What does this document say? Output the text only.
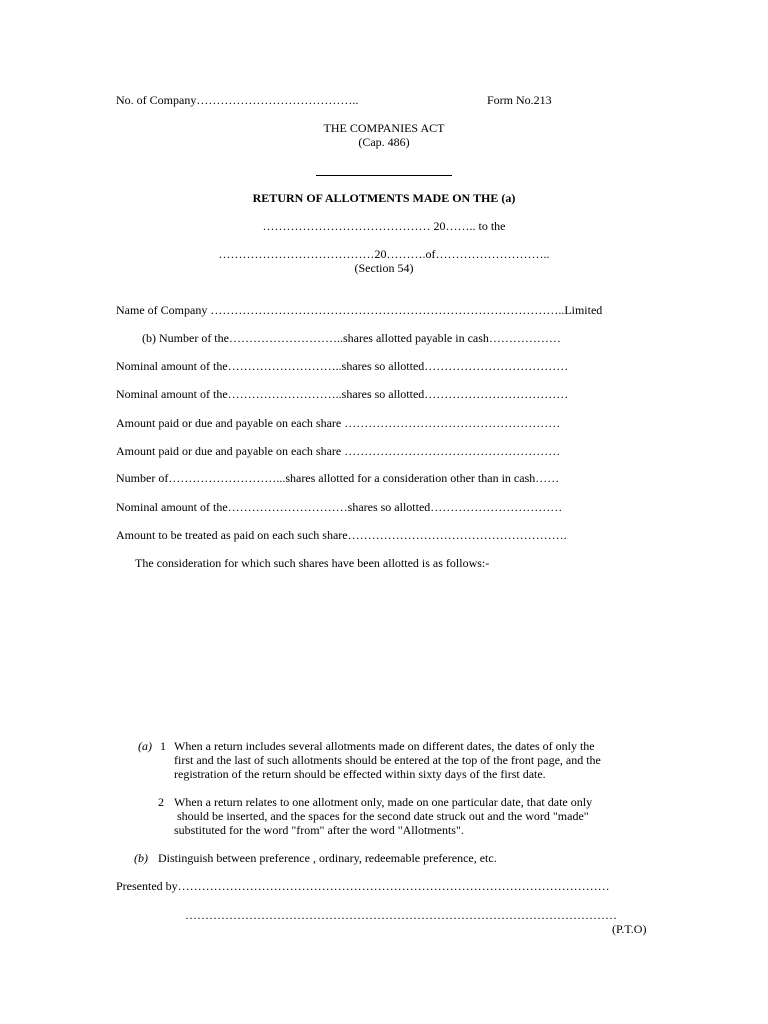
No. of Company…………………………………..	Form No.213
THE COMPANIES ACT
(Cap. 486)
RETURN OF ALLOTMENTS MADE ON THE (a)
…………………………………… 20…….. to the
…………………………………20……….of………………………..
(Section 54)
Name of Company ……………………………………………………………………………..Limited
(b) Number of the………………………..shares allotted payable in cash………………
Nominal amount of the………………………..shares so allotted………………………………
Nominal amount of the………………………..shares so allotted………………………………
Amount paid or due and payable on each share ………………………………………………
Amount paid or due and payable on each share ………………………………………………
Number of………………………...shares allotted for a consideration other than in cash……
Nominal amount of the…………………………shares so allotted……………………………
Amount to be treated as paid on each such share……………………………………………….
The consideration for which such shares have been allotted is as follows:-
(a) 1 When a return includes several allotments made on different dates, the dates of only the
first and the last of such allotments should be entered at the top of the front page, and the
registration of the return should be effected within sixty days of the first date.
2 When a return relates to one allotment only, made on one particular date, that date only
should be inserted, and the spaces for the second date struck out and the word "made"
substituted for the word "from" after the word "Allotments".
(b) Distinguish between preference , ordinary, redeemable preference, etc.
Presented by………………………………………………………………………………………………
………………………………………………………………………………………………
(P.T.O)
